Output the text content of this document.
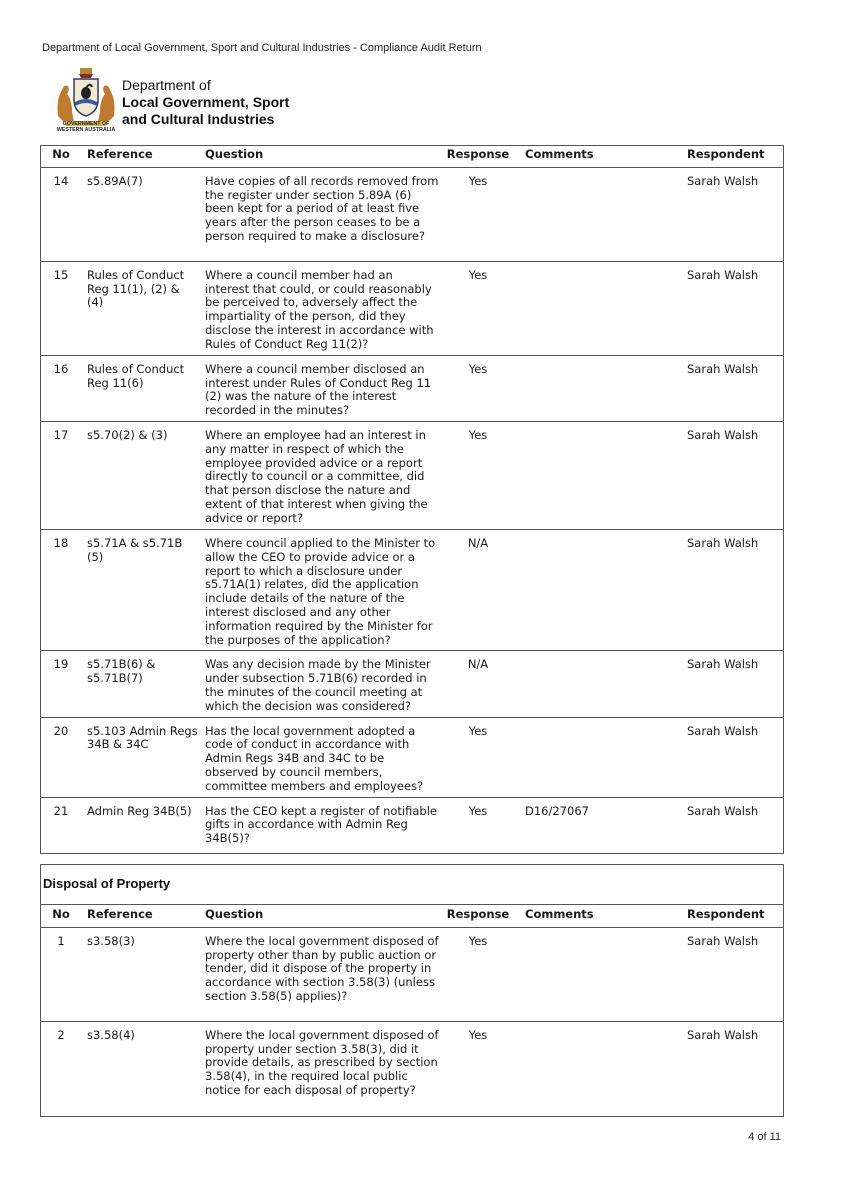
Department of Local Government, Sport and Cultural Industries - Compliance Audit Return
GOVERNMENT OF
WESTERN AUSTRALIA
Department of
Local Government, Sport
and Cultural Industries
No	Reference	Question	Response	Comments	Respondent
14	s5.89A(7)	Have copies of all records removed from the register under section 5.89A (6) been kept for a period of at least five years after the person ceases to be a person required to make a disclosure?	Yes		Sarah Walsh
15	Rules of Conduct Reg 11(1), (2) & (4)	Where a council member had an interest that could, or could reasonably be perceived to, adversely affect the impartiality of the person, did they disclose the interest in accordance with Rules of Conduct Reg 11(2)?	Yes		Sarah Walsh
16	Rules of Conduct Reg 11(6)	Where a council member disclosed an interest under Rules of Conduct Reg 11 (2) was the nature of the interest recorded in the minutes?	Yes		Sarah Walsh
17	s5.70(2) & (3)	Where an employee had an interest in any matter in respect of which the employee provided advice or a report directly to council or a committee, did that person disclose the nature and extent of that interest when giving the advice or report?	Yes		Sarah Walsh
18	s5.71A & s5.71B (5)	Where council applied to the Minister to allow the CEO to provide advice or a report to which a disclosure under s5.71A(1) relates, did the application include details of the nature of the interest disclosed and any other information required by the Minister for the purposes of the application?	N/A		Sarah Walsh
19	s5.71B(6) & s5.71B(7)	Was any decision made by the Minister under subsection 5.71B(6) recorded in the minutes of the council meeting at which the decision was considered?	N/A		Sarah Walsh
20	s5.103 Admin Regs 34B & 34C	Has the local government adopted a code of conduct in accordance with Admin Regs 34B and 34C to be observed by council members, committee members and employees?	Yes		Sarah Walsh
21	Admin Reg 34B(5)	Has the CEO kept a register of notifiable gifts in accordance with Admin Reg 34B(5)?	Yes	D16/27067	Sarah Walsh
Disposal of Property
No	Reference	Question	Response	Comments	Respondent
1	s3.58(3)	Where the local government disposed of property other than by public auction or tender, did it dispose of the property in accordance with section 3.58(3) (unless section 3.58(5) applies)?	Yes		Sarah Walsh
2	s3.58(4)	Where the local government disposed of property under section 3.58(3), did it provide details, as prescribed by section 3.58(4), in the required local public notice for each disposal of property?	Yes		Sarah Walsh
4 of 11
